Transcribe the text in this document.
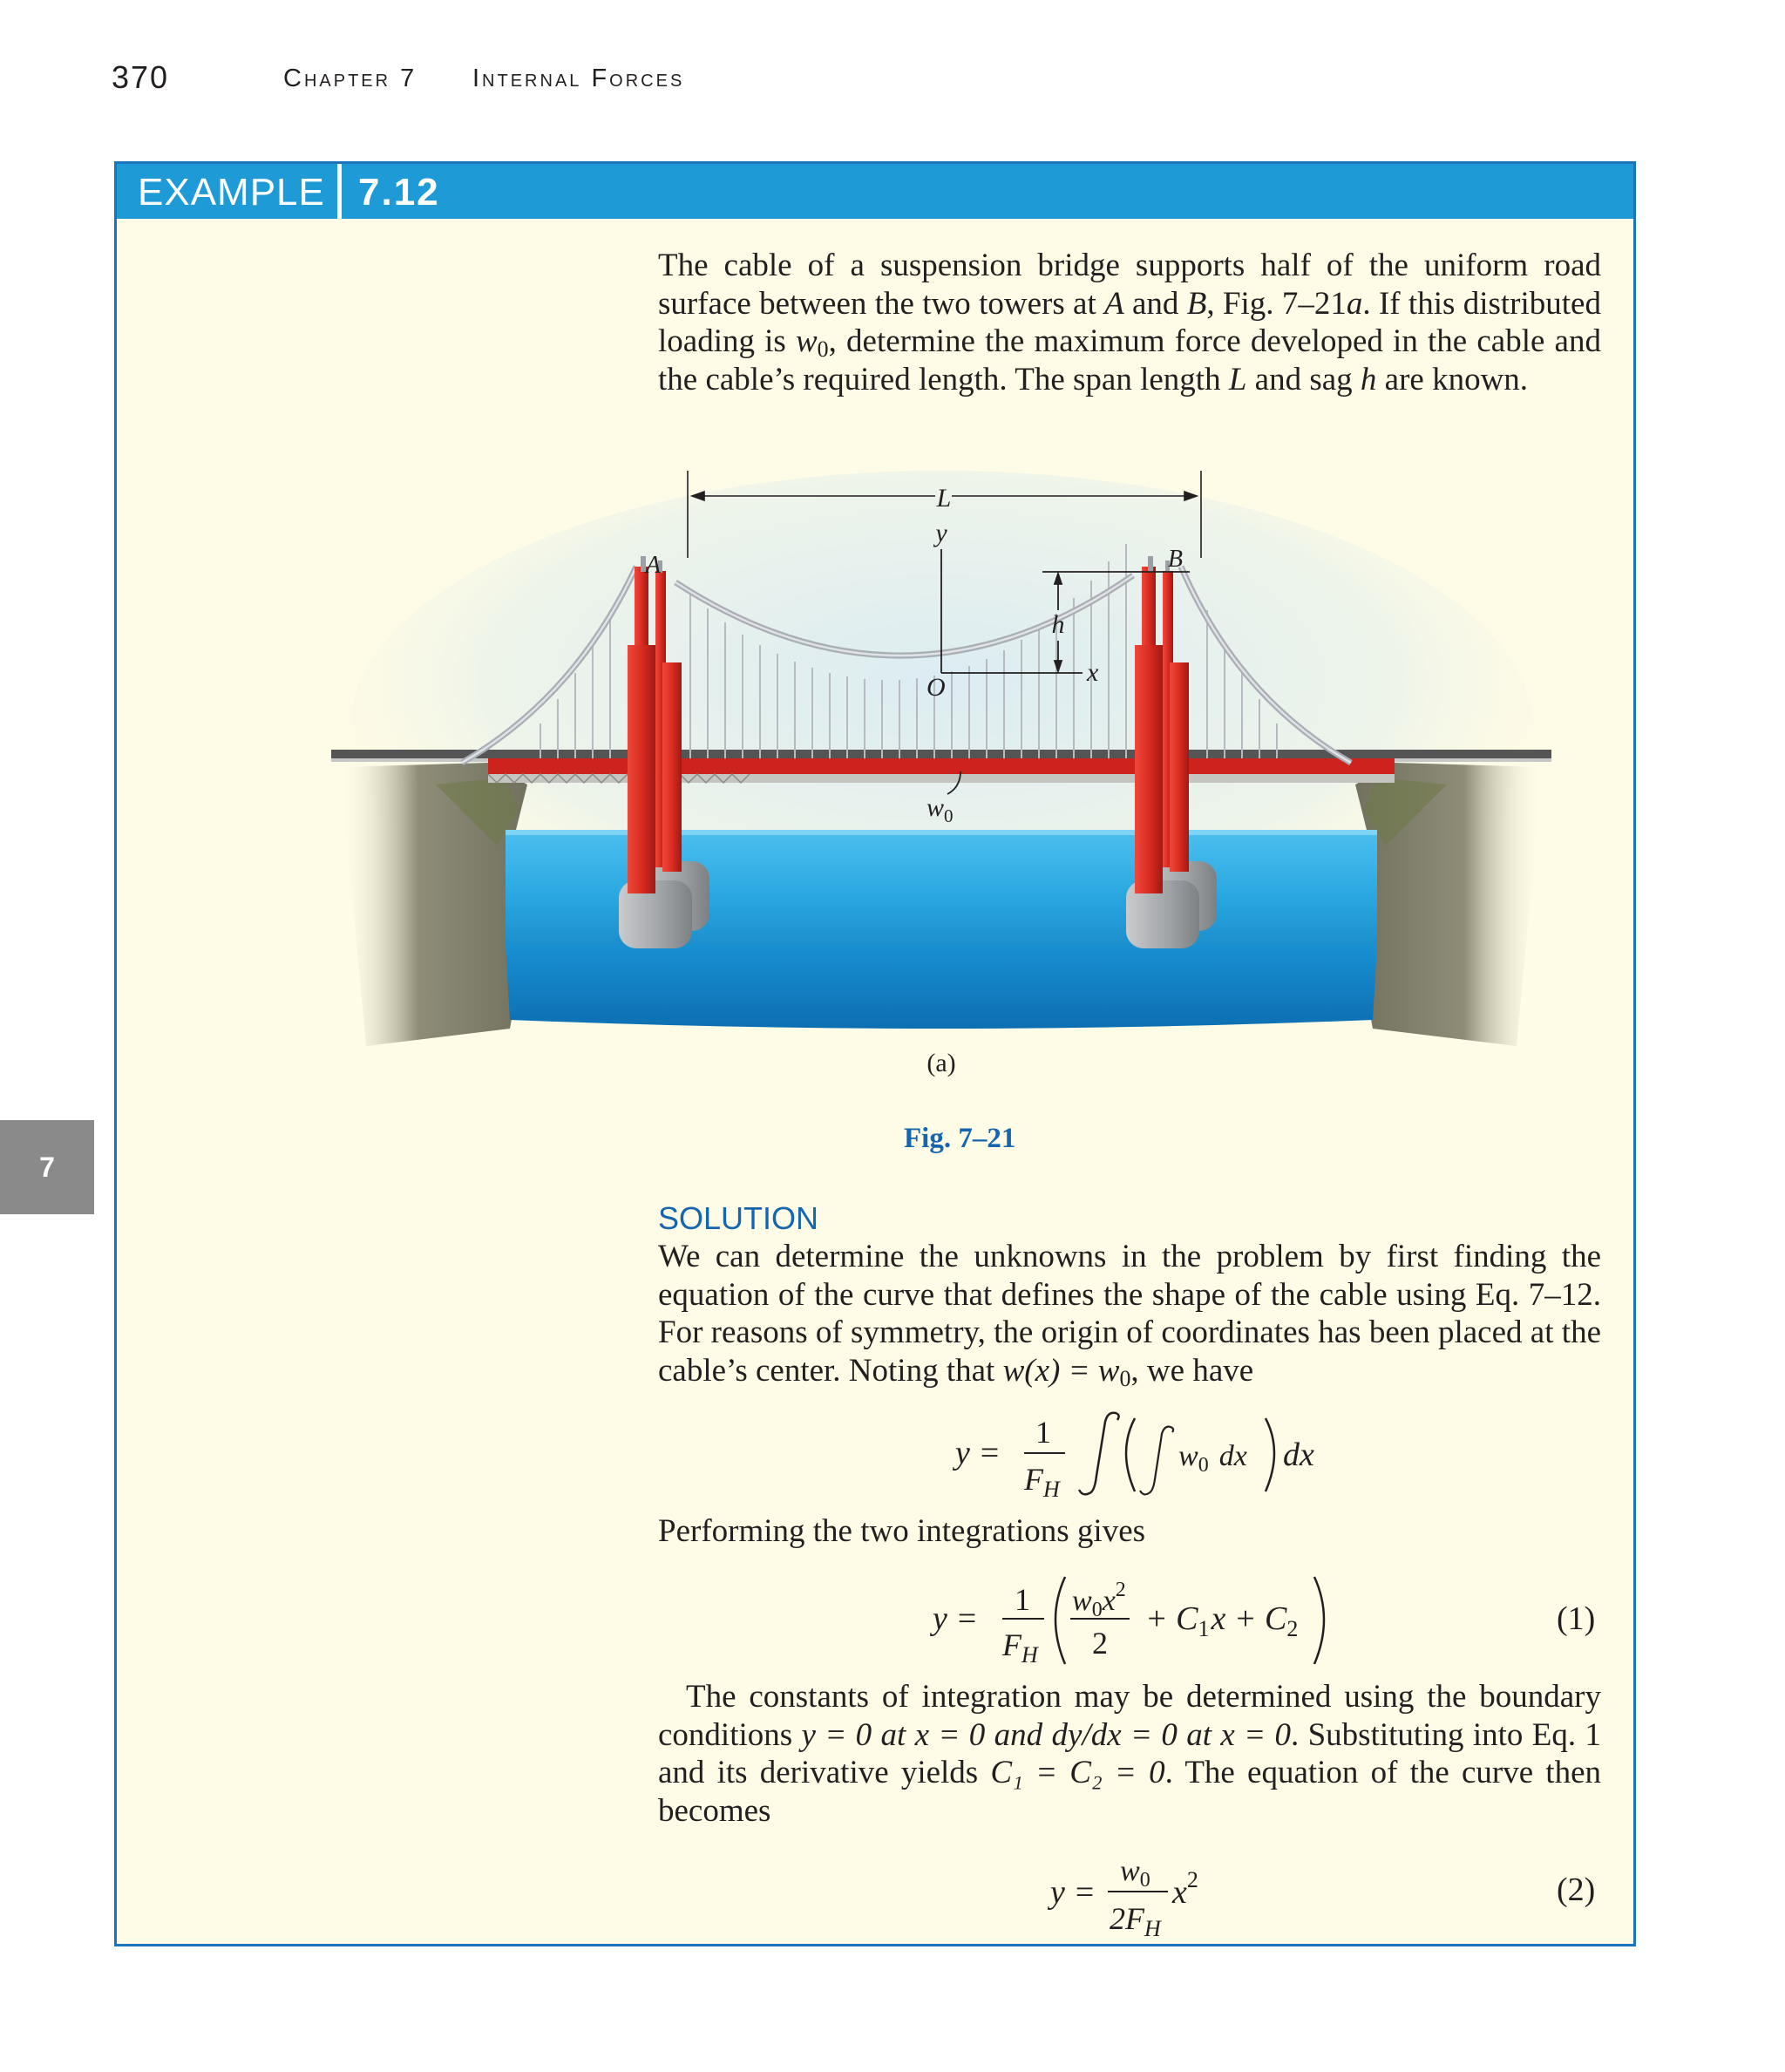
370	Chapter 7 Internal Forces
7
EXAMPLE 7.12

The cable of a suspension bridge supports half of the uniform road surface between the two towers at A and B, Fig. 7–21a. If this distributed loading is $w_0$, determine the maximum force developed in the cable and the cable’s required length. The span length L and sag h are known.

L
y
A	B
h
O
x
$w_0$
(a)
Fig. 7–21
SOLUTION

We can determine the unknowns in the problem by first finding the equation of the curve that defines the shape of the cable using Eq. 7–12. For reasons of symmetry, the origin of coordinates has been placed at the cable’s center. Noting that $w(x) = w_0$, we have

y =
1
$F_H$
$w_0$ dx dx

Performing the two integrations gives

y =
1
$F_H$
$w_0x^2$
2
+ $C_1x + C_2$	(1)

The constants of integration may be determined using the boundary conditions y = 0 at x = 0 and dy/dx = 0 at x = 0. Substituting into Eq. 1 and its derivative yields C₁ = C₂ = 0. The equation of the curve then becomes

y =
$w_0$
$2F_H$
$x^2$	(2)
